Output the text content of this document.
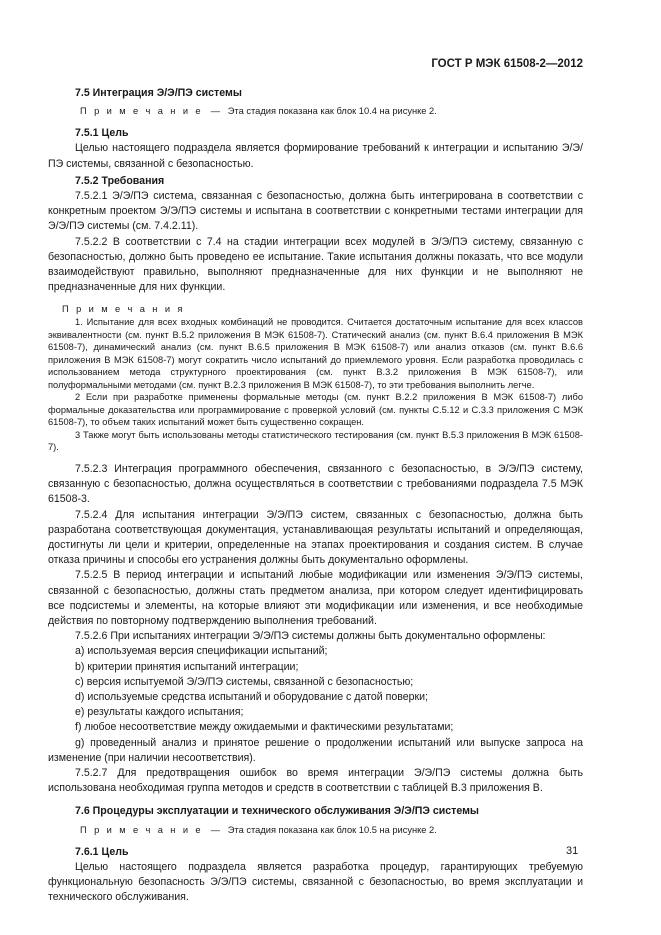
ГОСТ Р МЭК 61508-2—2012

7.5 Интеграция Э/Э/ПЭ системы

П р и м е ч а н и е — Эта стадия показана как блок 10.4 на рисунке 2.

7.5.1 Цель

Целью настоящего подраздела является формирование требований к интеграции и испытанию Э/Э/ПЭ системы, связанной с безопасностью.

7.5.2 Требования

7.5.2.1 Э/Э/ПЭ система, связанная с безопасностью, должна быть интегрирована в соответствии с конкретным проектом Э/Э/ПЭ системы и испытана в соответствии с конкретными тестами интеграции для Э/Э/ПЭ системы (см. 7.4.2.11).

7.5.2.2 В соответствии с 7.4 на стадии интеграции всех модулей в Э/Э/ПЭ систему, связанную с безопасностью, должно быть проведено ее испытание. Такие испытания должны показать, что все модули взаимодействуют правильно, выполняют предназначенные для них функции и не выполняют не предназначенные для них функции.

П р и м е ч а н и я

1. Испытание для всех входных комбинаций не проводится. Считается достаточным испытание для всех классов эквивалентности (см. пункт B.5.2 приложения B МЭК 61508-7). Статический анализ (см. пункт B.6.4 приложения B МЭК 61508-7), динамический анализ (см. пункт B.6.5 приложения B МЭК 61508-7) или анализ отказов (см. пункт B.6.6 приложения B МЭК 61508-7) могут сократить число испытаний до приемлемого уровня. Если разработка проводилась с использованием метода структурного проектирования (см. пункт B.3.2 приложения B МЭК 61508-7), или полуформальными методами (см. пункт B.2.3 приложения B МЭК 61508-7), то эти требования выполнить легче.

2 Если при разработке применены формальные методы (см. пункт B.2.2 приложения B МЭК 61508-7) либо формальные доказательства или программирование с проверкой условий (см. пункты С.5.12 и С.3.3 приложения С МЭК 61508-7), то объем таких испытаний может быть существенно сокращен.

3 Также могут быть использованы методы статистического тестирования (см. пункт B.5.3 приложения B МЭК 61508-7).

7.5.2.3 Интеграция программного обеспечения, связанного с безопасностью, в Э/Э/ПЭ систему, связанную с безопасностью, должна осуществляться в соответствии с требованиями подраздела 7.5 МЭК 61508-3.

7.5.2.4 Для испытания интеграции Э/Э/ПЭ систем, связанных с безопасностью, должна быть разработана соответствующая документация, устанавливающая результаты испытаний и определяющая, достигнуты ли цели и критерии, определенные на этапах проектирования и создания систем. В случае отказа причины и способы его устранения должны быть документально оформлены.

7.5.2.5 В период интеграции и испытаний любые модификации или изменения Э/Э/ПЭ системы, связанной с безопасностью, должны стать предметом анализа, при котором следует идентифицировать все подсистемы и элементы, на которые влияют эти модификации или изменения, и все необходимые действия по повторному подтверждению выполнения требований.

7.5.2.6 При испытаниях интеграции Э/Э/ПЭ системы должны быть документально оформлены:

a) используемая версия спецификации испытаний;

b) критерии принятия испытаний интеграции;

c) версия испытуемой Э/Э/ПЭ системы, связанной с безопасностью;

d) используемые средства испытаний и оборудование с датой поверки;

e) результаты каждого испытания;

f) любое несоответствие между ожидаемыми и фактическими результатами;

g) проведенный анализ и принятое решение о продолжении испытаний или выпуске запроса на изменение (при наличии несоответствия).

7.5.2.7 Для предотвращения ошибок во время интеграции Э/Э/ПЭ системы должна быть использована необходимая группа методов и средств в соответствии с таблицей B.3 приложения B.

7.6 Процедуры эксплуатации и технического обслуживания Э/Э/ПЭ системы

П р и м е ч а н и е — Эта стадия показана как блок 10.5 на рисунке 2.

7.6.1 Цель

Целью настоящего подраздела является разработка процедур, гарантирующих требуемую функциональную безопасность Э/Э/ПЭ системы, связанной с безопасностью, во время эксплуатации и технического обслуживания.

31
